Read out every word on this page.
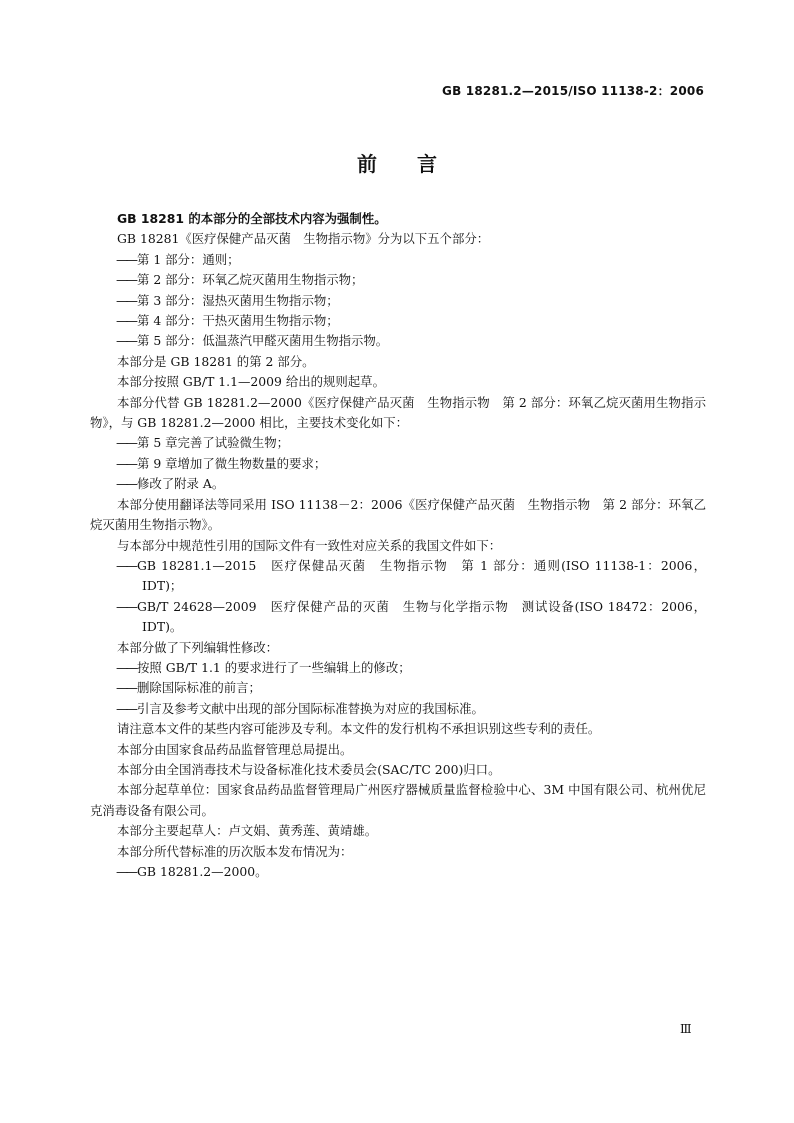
GB 18281.2—2015/ISO 11138-2：2006
前言

GB 18281 的本部分的全部技术内容为强制性。

GB 18281《医疗保健产品灭菌　生物指示物》分为以下五个部分：

—— 第 1 部分：通则；

—— 第 2 部分：环氧乙烷灭菌用生物指示物；

—— 第 3 部分：湿热灭菌用生物指示物；

—— 第 4 部分：干热灭菌用生物指示物；

—— 第 5 部分：低温蒸汽甲醛灭菌用生物指示物。

本部分是 GB 18281 的第 2 部分。

本部分按照 GB/T 1.1—2009 给出的规则起草。

本部分代替 GB 18281.2—2000《医疗保健产品灭菌　生物指示物　第 2 部分：环氧乙烷灭菌用生物指示物》，与 GB 18281.2—2000 相比，主要技术变化如下：

—— 第 5 章完善了试验微生物；

—— 第 9 章增加了微生物数量的要求；

—— 修改了附录 A。

本部分使用翻译法等同采用 ISO 11138－2：2006《医疗保健产品灭菌　生物指示物　第 2 部分：环氧乙烷灭菌用生物指示物》。

与本部分中规范性引用的国际文件有一致性对应关系的我国文件如下：

—— GB 18281.1—2015　医疗保健品灭菌　生物指示物　第 1 部分：通则(ISO 11138-1：2006，IDT)；

—— GB/T 24628—2009　医疗保健产品的灭菌　生物与化学指示物　测试设备(ISO 18472：2006，IDT)。

本部分做了下列编辑性修改：

—— 按照 GB/T 1.1 的要求进行了一些编辑上的修改；

—— 删除国际标准的前言；

—— 引言及参考文献中出现的部分国际标准替换为对应的我国标准。

请注意本文件的某些内容可能涉及专利。本文件的发行机构不承担识别这些专利的责任。

本部分由国家食品药品监督管理总局提出。

本部分由全国消毒技术与设备标准化技术委员会(SAC/TC 200)归口。

本部分起草单位：国家食品药品监督管理局广州医疗器械质量监督检验中心、3M 中国有限公司、杭州优尼克消毒设备有限公司。

本部分主要起草人：卢文娟、黄秀莲、黄靖雄。

本部分所代替标准的历次版本发布情况为：

—— GB 18281.2—2000。

Ⅲ
